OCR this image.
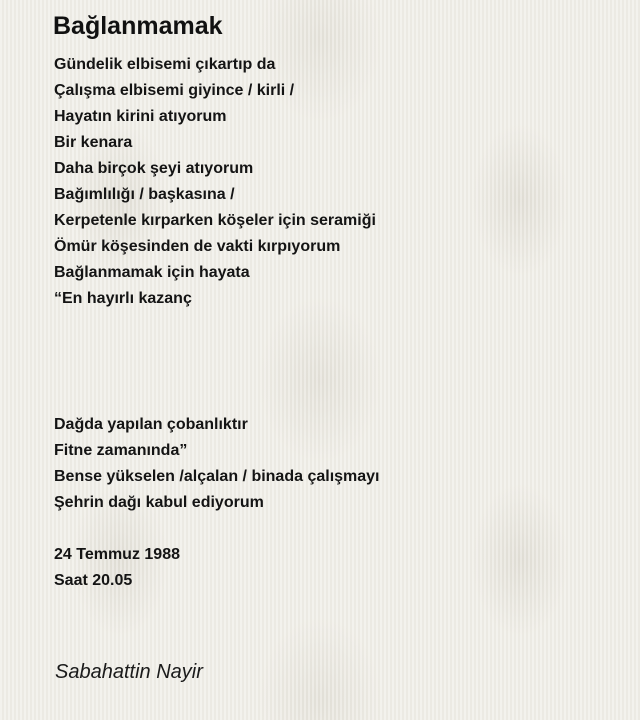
Bağlanmamak
Gündelik elbisemi çıkartıp da
Çalışma elbisemi giyince / kirli /
Hayatın kirini atıyorum
Bir kenara
Daha birçok şeyi atıyorum
Bağımlılığı / başkasına /
Kerpetenle kırparken köşeler için seramiği
Ömür köşesinden de vakti kırpıyorum
Bağlanmamak için hayata
“En hayırlı kazanç
Dağda yapılan çobanlıktır
Fitne zamanında”
Bense yükselen /alçalan / binada çalışmayı
Şehrin dağı kabul ediyorum
24 Temmuz 1988
Saat 20.05
Sabahattin Nayir
